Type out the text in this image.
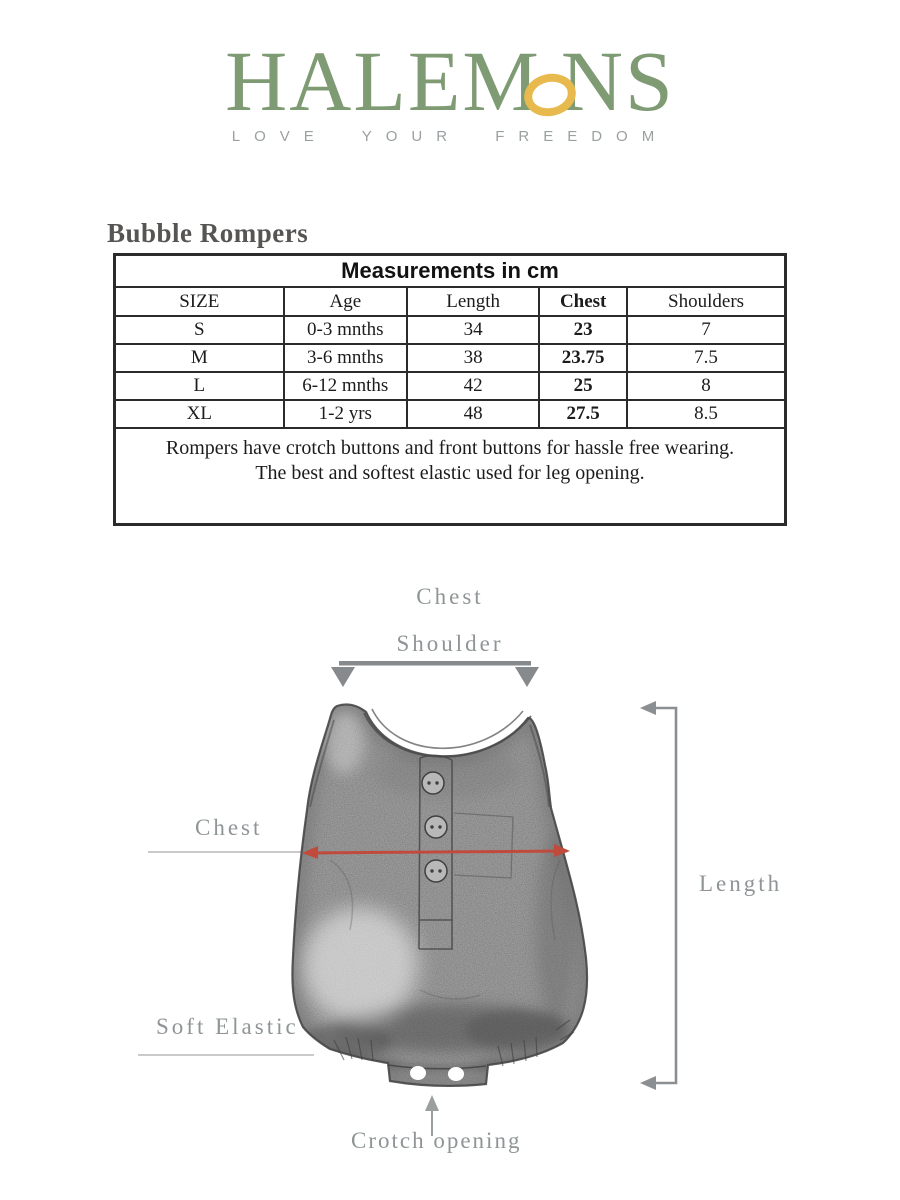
HALEM NS
LOVE YOUR FREEDOM
Bubble Rompers
Measurements in cm				
SIZE	Age	Length	Chest	Shoulders
S	0-3 mnths	34	23	7
M	3-6 mnths	38	23.75	7.5
L	6-12 mnths	42	25	8
XL	1-2 yrs	48	27.5	8.5

Rompers have crotch buttons and front buttons for hassle free wearing.
The best and softest elastic used for leg opening.				
Chest
Shoulder
Chest
Length
Soft Elastic
Crotch opening
